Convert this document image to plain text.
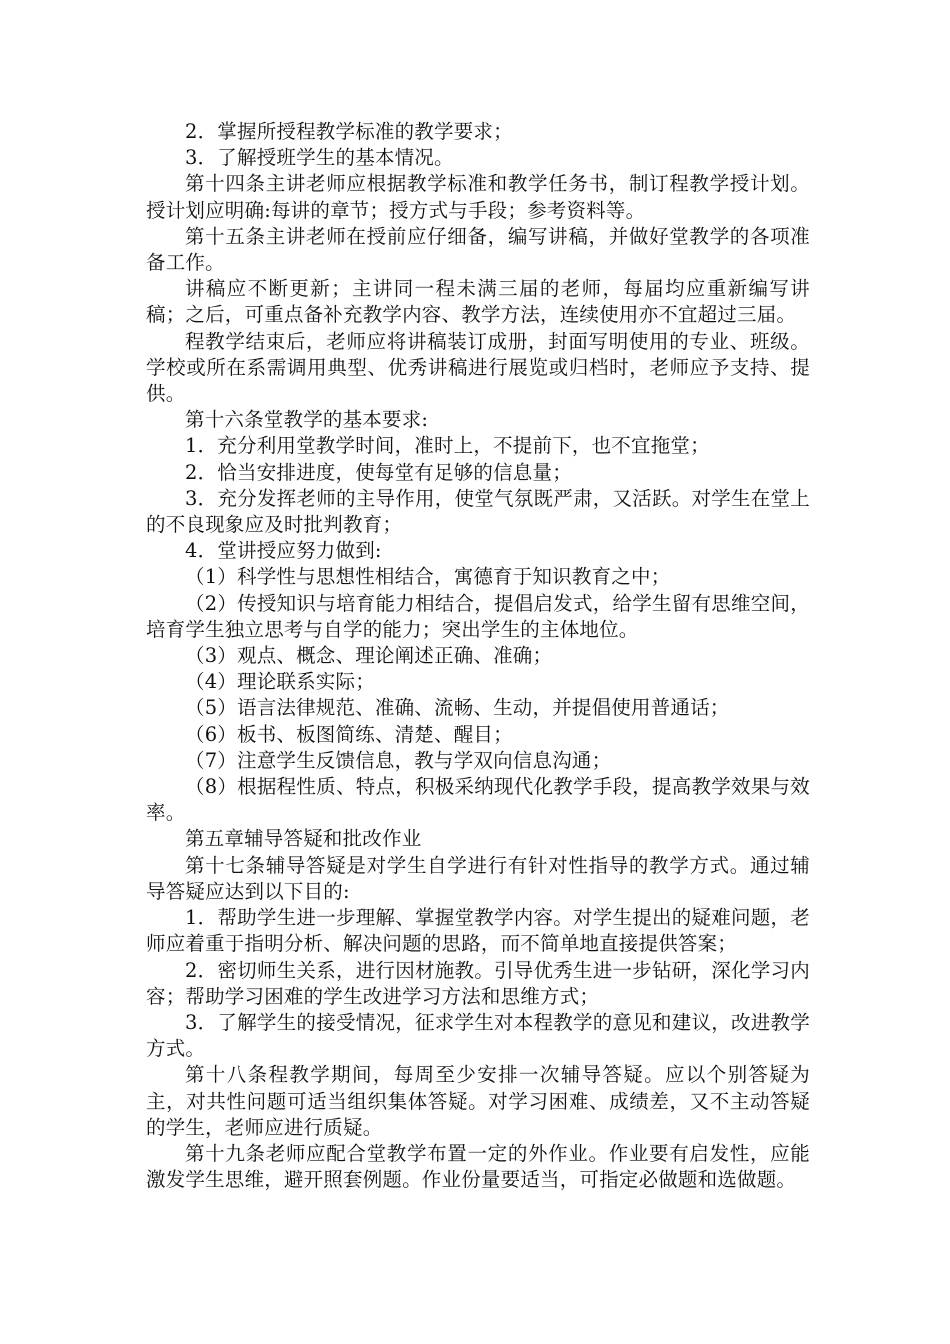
2．掌握所授程教学标准的教学要求；

3．了解授班学生的基本情况。

第十四条主讲老师应根据教学标准和教学任务书，制订程教学授计划。授计划应明确:每讲的章节；授方式与手段；参考资料等。

第十五条主讲老师在授前应仔细备，编写讲稿，并做好堂教学的各项准备工作。

讲稿应不断更新；主讲同一程未满三届的老师，每届均应重新编写讲稿；之后，可重点备补充教学内容、教学方法，连续使用亦不宜超过三届。

程教学结束后，老师应将讲稿装订成册，封面写明使用的专业、班级。学校或所在系需调用典型、优秀讲稿进行展览或归档时，老师应予支持、提供。

第十六条堂教学的基本要求:

1．充分利用堂教学时间，准时上，不提前下，也不宜拖堂；

2．恰当安排进度，使每堂有足够的信息量；

3．充分发挥老师的主导作用，使堂气氛既严肃，又活跃。对学生在堂上的不良现象应及时批判教育；

4．堂讲授应努力做到:

（1）科学性与思想性相结合，寓德育于知识教育之中；

（2）传授知识与培育能力相结合，提倡启发式，给学生留有思维空间，培育学生独立思考与自学的能力；突出学生的主体地位。

（3）观点、概念、理论阐述正确、准确；

（4）理论联系实际；

（5）语言法律规范、准确、流畅、生动，并提倡使用普通话；

（6）板书、板图简练、清楚、醒目；

（7）注意学生反馈信息，教与学双向信息沟通；

（8）根据程性质、特点，积极采纳现代化教学手段，提高教学效果与效率。

第五章辅导答疑和批改作业

第十七条辅导答疑是对学生自学进行有针对性指导的教学方式。通过辅导答疑应达到以下目的:

1．帮助学生进一步理解、掌握堂教学内容。对学生提出的疑难问题，老师应着重于指明分析、解决问题的思路，而不简单地直接提供答案；

2．密切师生关系，进行因材施教。引导优秀生进一步钻研，深化学习内容；帮助学习困难的学生改进学习方法和思维方式；

3．了解学生的接受情况，征求学生对本程教学的意见和建议，改进教学方式。

第十八条程教学期间，每周至少安排一次辅导答疑。应以个别答疑为主，对共性问题可适当组织集体答疑。对学习困难、成绩差，又不主动答疑的学生，老师应进行质疑。

第十九条老师应配合堂教学布置一定的外作业。作业要有启发性，应能激发学生思维，避开照套例题。作业份量要适当，可指定必做题和选做题。
